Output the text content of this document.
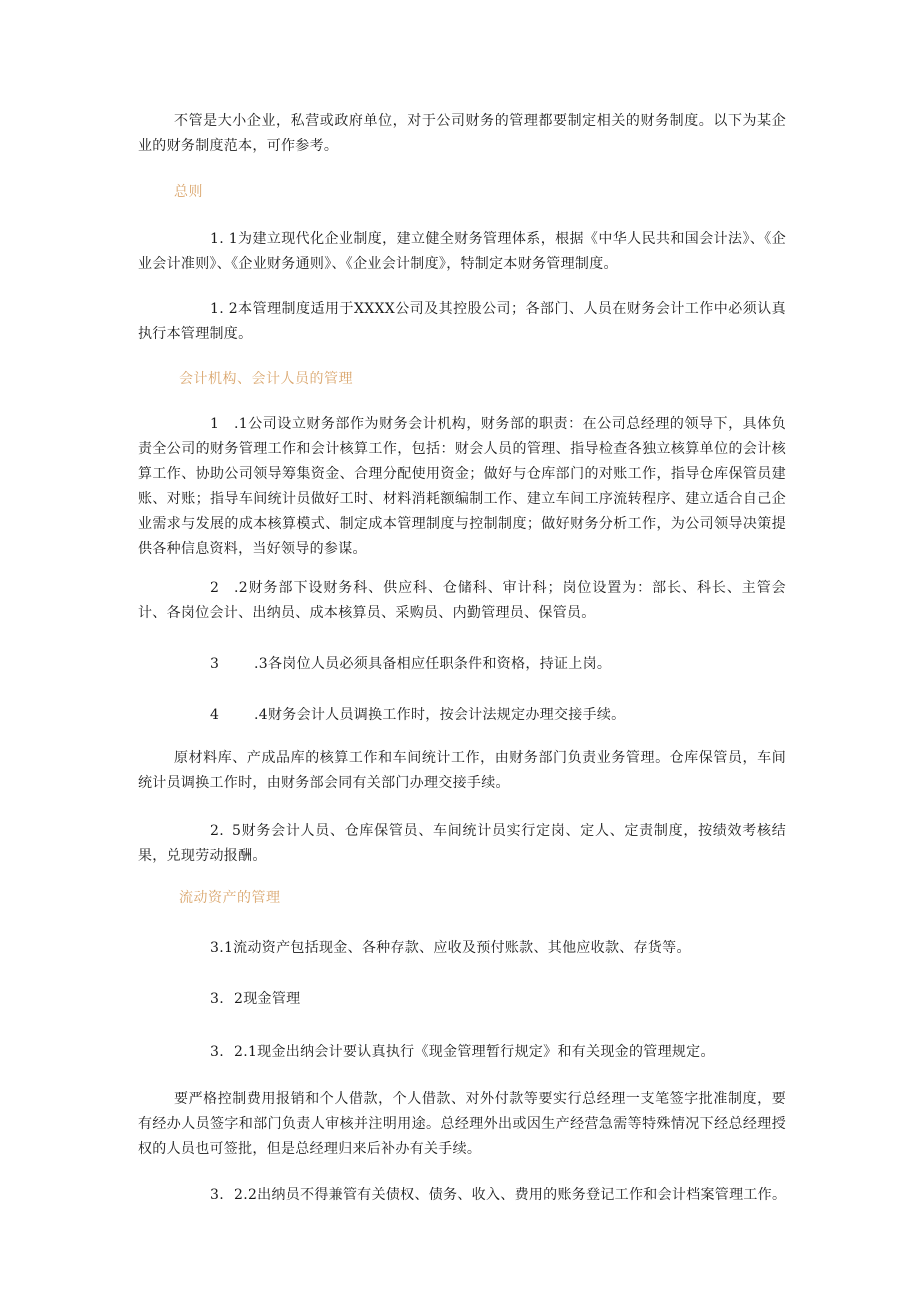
不管是大小企业，私营或政府单位，对于公司财务的管理都要制定相关的财务制度。以下为某企业的财务制度范本，可作参考。

总则

1. 1为建立现代化企业制度，建立健全财务管理体系，根据《中华人民共和国会计法》、《企业会计准则》、《企业财务通则》、《企业会计制度》，特制定本财务管理制度。

1. 2本管理制度适用于XXXX公司及其控股公司；各部门、人员在财务会计工作中必须认真执行本管理制度。

会计机构、会计人员的管理

1 .1公司设立财务部作为财务会计机构，财务部的职责：在公司总经理的领导下，具体负责全公司的财务管理工作和会计核算工作，包括：财会人员的管理、指导检查各独立核算单位的会计核算工作、协助公司领导筹集资金、合理分配使用资金；做好与仓库部门的对账工作，指导仓库保管员建账、对账；指导车间统计员做好工时、材料消耗额编制工作、建立车间工序流转程序、建立适合自己企业需求与发展的成本核算模式、制定成本管理制度与控制制度；做好财务分析工作，为公司领导决策提供各种信息资料，当好领导的参谋。

2 .2财务部下设财务科、供应科、仓储科、审计科；岗位设置为：部长、科长、主管会计、各岗位会计、出纳员、成本核算员、采购员、内勤管理员、保管员。

3 .3各岗位人员必须具备相应任职条件和资格，持证上岗。

4 .4财务会计人员调换工作时，按会计法规定办理交接手续。

原材料库、产成品库的核算工作和车间统计工作，由财务部门负责业务管理。仓库保管员，车间统计员调换工作时，由财务部会同有关部门办理交接手续。

2. 5财务会计人员、仓库保管员、车间统计员实行定岗、定人、定责制度，按绩效考核结果，兑现劳动报酬。

流动资产的管理

3.1流动资产包括现金、各种存款、应收及预付账款、其他应收款、存货等。

3. 2现金管理

3. 2.1现金出纳会计要认真执行《现金管理暂行规定》和有关现金的管理规定。

要严格控制费用报销和个人借款，个人借款、对外付款等要实行总经理一支笔签字批准制度，要有经办人员签字和部门负责人审核并注明用途。总经理外出或因生产经营急需等特殊情况下经总经理授权的人员也可签批，但是总经理归来后补办有关手续。

3. 2.2出纳员不得兼管有关债权、债务、收入、费用的账务登记工作和会计档案管理工作。
